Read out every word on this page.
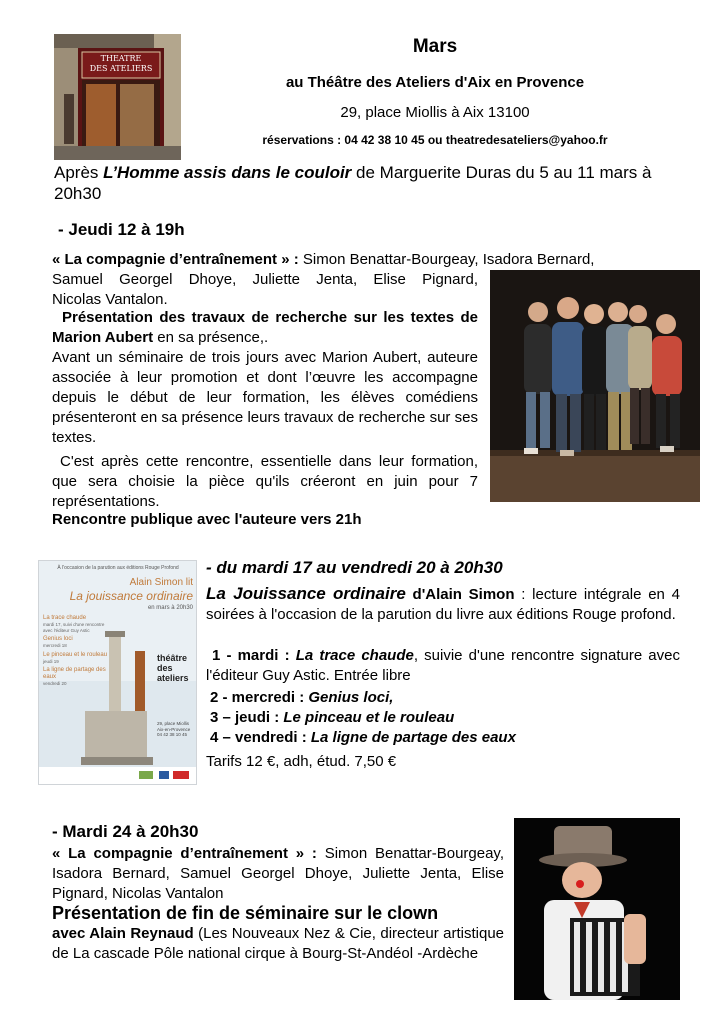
THEATRE
DES ATELIERS
Mars
au Théâtre des Ateliers d'Aix en Provence
29, place Miollis à Aix 13100
réservations : 04 42 38 10 45 ou theatredesateliers@yahoo.fr

Après L’Homme assis dans le couloir de Marguerite Duras du 5 au 11 mars à 20h30

- Jeudi 12 à 19h

« La compagnie d’entraînement » : Simon Benattar-Bourgeay, Isadora Bernard,

Samuel Georgel Dhoye, Juliette Jenta, Elise Pignard,

Nicolas Vantalon.

Présentation des travaux de recherche sur les textes de Marion Aubert en sa présence,.

Avant un séminaire de trois jours avec Marion Aubert, auteure associée à leur promotion et dont l’œuvre les accompagne depuis le début de leur formation, les élèves comédiens présenteront en sa présence leurs travaux de recherche sur ses textes.

C'est après cette rencontre, essentielle dans leur formation, que sera choisie la pièce qu'ils créeront en juin pour 7 représentations.

Rencontre publique avec l'auteure vers 21h

À l'occasion de la parution aux éditions Rouge Profond
Alain Simon lit
La jouissance ordinaire
en mars à 20h30
La trace chaude
mardi 17, suivi d'une rencontre avec l'éditeur Guy Astic
Genius loci
mercredi 18
Le pinceau et le rouleau
jeudi 19
La ligne de partage des eaux
vendredi 20
théâtre
des
ateliers
29, place Miollis Aix-en-Provence 04 42 38 10 45
- du mardi 17 au vendredi 20 à 20h30

La Jouissance ordinaire d'Alain Simon : lecture intégrale en 4 soirées à l'occasion de la parution du livre aux éditions Rouge profond.

1 - mardi : La trace chaude, suivie d'une rencontre signature avec l'éditeur Guy Astic. Entrée libre

2 - mercredi : Genius loci,

3 – jeudi : Le pinceau et le rouleau

4 – vendredi : La ligne de partage des eaux

Tarifs 12 €, adh, étud. 7,50 €

- Mardi 24 à 20h30

« La compagnie d’entraînement » : Simon Benattar-Bourgeay, Isadora Bernard, Samuel Georgel Dhoye, Juliette Jenta, Elise Pignard, Nicolas Vantalon

Présentation de fin de séminaire sur le clown

avec Alain Reynaud (Les Nouveaux Nez & Cie, directeur artistique de La cascade Pôle national cirque à Bourg-St-Andéol -Ardèche
